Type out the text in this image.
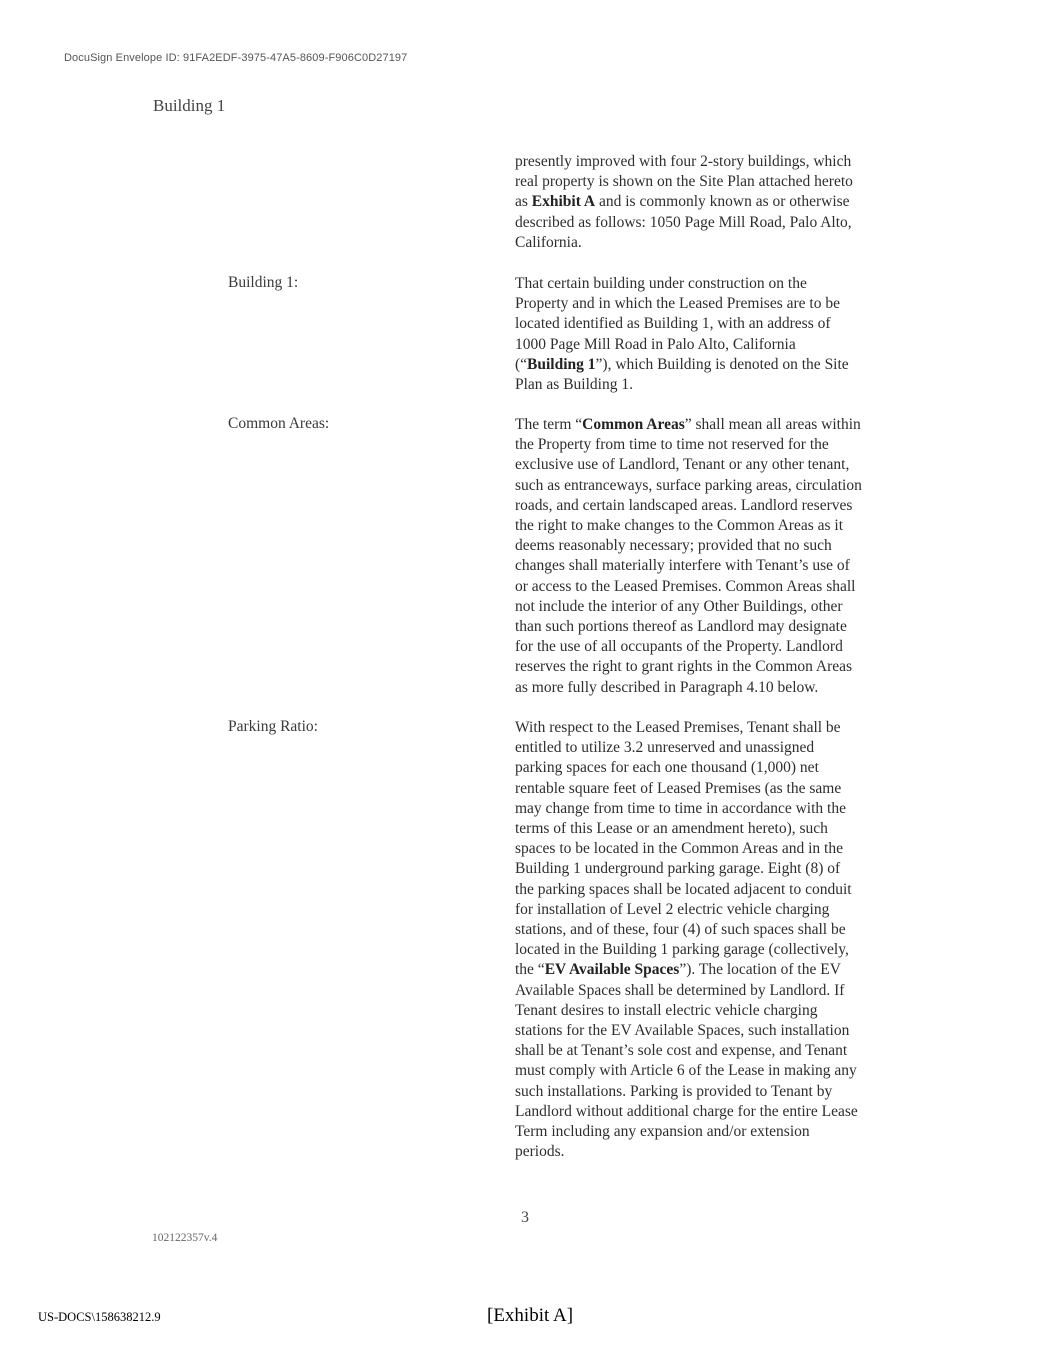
DocuSign Envelope ID: 91FA2EDF-3975-47A5-8609-F906C0D27197
Building 1
presently improved with four 2-story buildings, which
real property is shown on the Site Plan attached hereto
as Exhibit A and is commonly known as or otherwise
described as follows: 1050 Page Mill Road, Palo Alto,
California.
Building 1:	That certain building under construction on the
Property and in which the Leased Premises are to be
located identified as Building 1, with an address of
1000 Page Mill Road in Palo Alto, California
(“Building 1”), which Building is denoted on the Site
Plan as Building 1.
Common Areas:	The term “Common Areas” shall mean all areas within
the Property from time to time not reserved for the
exclusive use of Landlord, Tenant or any other tenant,
such as entranceways, surface parking areas, circulation
roads, and certain landscaped areas. Landlord reserves
the right to make changes to the Common Areas as it
deems reasonably necessary; provided that no such
changes shall materially interfere with Tenant’s use of
or access to the Leased Premises. Common Areas shall
not include the interior of any Other Buildings, other
than such portions thereof as Landlord may designate
for the use of all occupants of the Property. Landlord
reserves the right to grant rights in the Common Areas
as more fully described in Paragraph 4.10 below.
Parking Ratio:	With respect to the Leased Premises, Tenant shall be
entitled to utilize 3.2 unreserved and unassigned
parking spaces for each one thousand (1,000) net
rentable square feet of Leased Premises (as the same
may change from time to time in accordance with the
terms of this Lease or an amendment hereto), such
spaces to be located in the Common Areas and in the
Building 1 underground parking garage. Eight (8) of
the parking spaces shall be located adjacent to conduit
for installation of Level 2 electric vehicle charging
stations, and of these, four (4) of such spaces shall be
located in the Building 1 parking garage (collectively,
the “EV Available Spaces”). The location of the EV
Available Spaces shall be determined by Landlord. If
Tenant desires to install electric vehicle charging
stations for the EV Available Spaces, such installation
shall be at Tenant’s sole cost and expense, and Tenant
must comply with Article 6 of the Lease in making any
such installations. Parking is provided to Tenant by
Landlord without additional charge for the entire Lease
Term including any expansion and/or extension
periods.
3
102122357v.4
US-DOCS\158638212.9	[Exhibit A]
